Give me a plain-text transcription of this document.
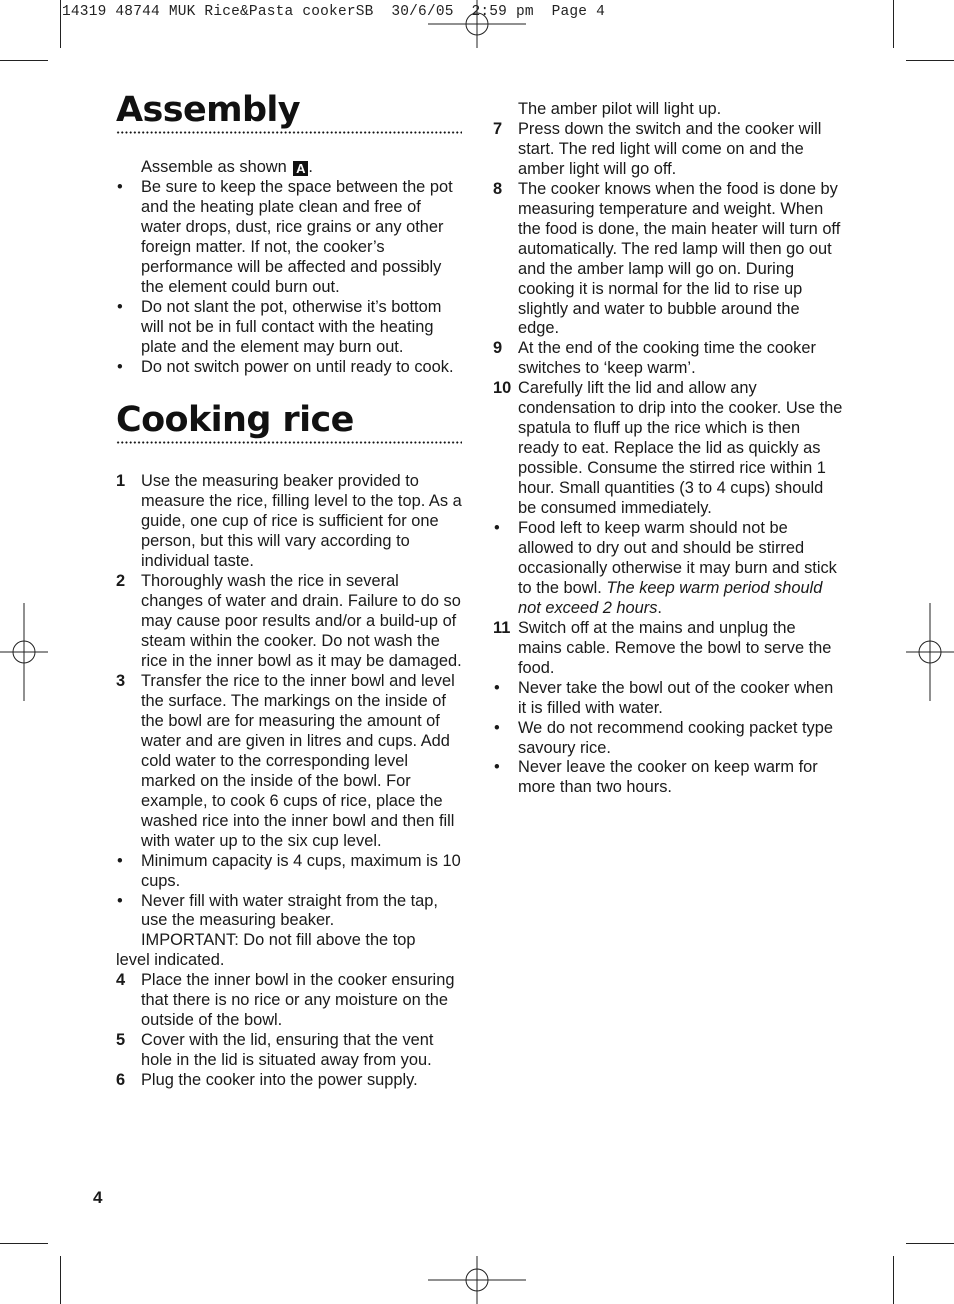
14319 48744 MUK Rice&Pasta cookerSB  30/6/05  2:59 pm  Page 4
Assembly
Assemble as shown A .
•	Be sure to keep the space between the pot and the heating plate clean and free of water drops, dust, rice grains or any other foreign matter. If not, the cooker’s performance will be affected and possibly the element could burn out.
•	Do not slant the pot, otherwise it’s bottom will not be in full contact with the heating plate and the element may burn out.
•	Do not switch power on until ready to cook.
Cooking rice
1 Use the measuring beaker provided to measure the rice, filling level to the top. As a guide, one cup of rice is sufficient for one person, but this will vary according to individual taste.
2 Thoroughly wash the rice in several changes of water and drain. Failure to do so may cause poor results and/or a build-up of steam within the cooker. Do not wash the rice in the inner bowl as it may be damaged.
3 Transfer the rice to the inner bowl and level the surface. The markings on the inside of the bowl are for measuring the amount of water and are given in litres and cups. Add cold water to the corresponding level marked on the inside of the bowl. For example, to cook 6 cups of rice, place the washed rice into the inner bowl and then fill with water up to the six cup level.
•	Minimum capacity is 4 cups, maximum is 10 cups.
•	Never fill with water straight from the tap, use the measuring beaker.
IMPORTANT: Do not fill above the top
level indicated.
4 Place the inner bowl in the cooker ensuring that there is no rice or any moisture on the outside of the bowl.
5 Cover with the lid, ensuring that the vent hole in the lid is situated away from you.
6 Plug the cooker into the power supply.
The amber pilot will light up.
7 Press down the switch and the cooker will start. The red light will come on and the amber light will go off.
8 The cooker knows when the food is done by measuring temperature and weight. When the food is done, the main heater will turn off automatically. The red lamp will then go out and the amber lamp will go on. During cooking it is normal for the lid to rise up slightly and water to bubble around the edge.
9 At the end of the cooking time the cooker switches to ‘keep warm’.
10 Carefully lift the lid and allow any condensation to drip into the cooker. Use the spatula to fluff up the rice which is then ready to eat. Replace the lid as quickly as possible. Consume the stirred rice within 1 hour. Small quantities (3 to 4 cups) should be consumed immediately.
•	Food left to keep warm should not be allowed to dry out and should be stirred occasionally otherwise it may burn and stick to the bowl. The keep warm period should not exceed 2 hours.
11 Switch off at the mains and unplug the mains cable. Remove the bowl to serve the food.
•	Never take the bowl out of the cooker when it is filled with water.
•	We do not recommend cooking packet type savoury rice.
•	Never leave the cooker on keep warm for more than two hours.
4
